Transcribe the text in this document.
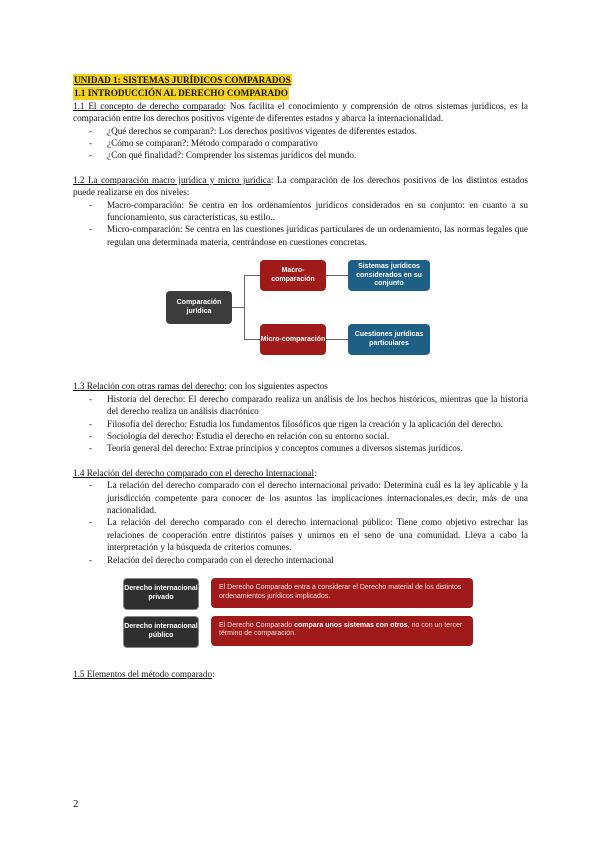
UNIDAD 1: SISTEMAS JURÍDICOS COMPARADOS
1.1 INTRODUCCIÓN AL DERECHO COMPARADO

1.1 El concepto de derecho comparado: Nos facilita el conocimiento y comprensión de otros sistemas jurídicos, es la comparación entre los derechos positivos vigente de diferentes estados y abarca la internacionalidad.

- ¿Qué derechos se comparan?: Los derechos positivos vigentes de diferentes estados.
- ¿Cómo se comparan?: Método comparado o comparativo
- ¿Con qué finalidad?: Comprender los sistemas jurídicos del mundo.

1.2 La comparación macro jurídica y micro jurídica: La comparación de los derechos positivos de los distintos estados puede realizarse en dos niveles:

- Macro-comparación: Se centra en los ordenamientos jurídicos considerados en su conjunto: en cuanto a su funcionamiento, sus características, su estilo..
- Micro-comparación: Se centra en las cuestiones jurídicas particulares de un ordenamiento, las normas legales que regulan una determinada materia, centrándose en cuestiones concretas.
Comparación jurídica
Macro-comparación
Micro-comparación
Sistemas jurídicos considerados en su conjunto
Cuestiones jurídicas particulares

1.3 Relación con otras ramas del derecho: con los siguientes aspectos

- Historia del derecho: El derecho comparado realiza un análisis de los hechos históricos, mientras que la historia del derecho realiza un análisis diacrónico
- Filosofía del derecho: Estudia los fundamentos filosóficos que rigen la creación y la aplicación del derecho.
- Sociología del derecho: Estudia el derecho en relación con su entorno social.
- Teoría general del derecho: Extrae principios y conceptos comunes a diversos sistemas jurídicos.

1.4 Relación del derecho comparado con el derecho Internacional:

- La relación del derecho comparado con el derecho internacional privado: Determina cuál es la ley aplicable y la jurisdicción competente para conocer de los asuntos las implicaciones internacionales,es decir, más de una nacionalidad.
- La relación del derecho comparado con el derecho internacional público: Tiene como objetivo estrechar las relaciones de cooperación entre distintos países y unirnos en el seno de una comunidad. Lleva a cabo la interpretación y la búsqueda de criterios comunes.
- Relación del derecho comparado con el derecho internacional
Derecho internacional privado
El Derecho Comparado entra a considerar el Derecho material de los distintos ordenamientos jurídicos implicados.
Derecho internacional público
El Derecho Comparado compara unos sistemas con otros, no con un tercer término de comparación.

1.5 Elementos del método comparado:

2
